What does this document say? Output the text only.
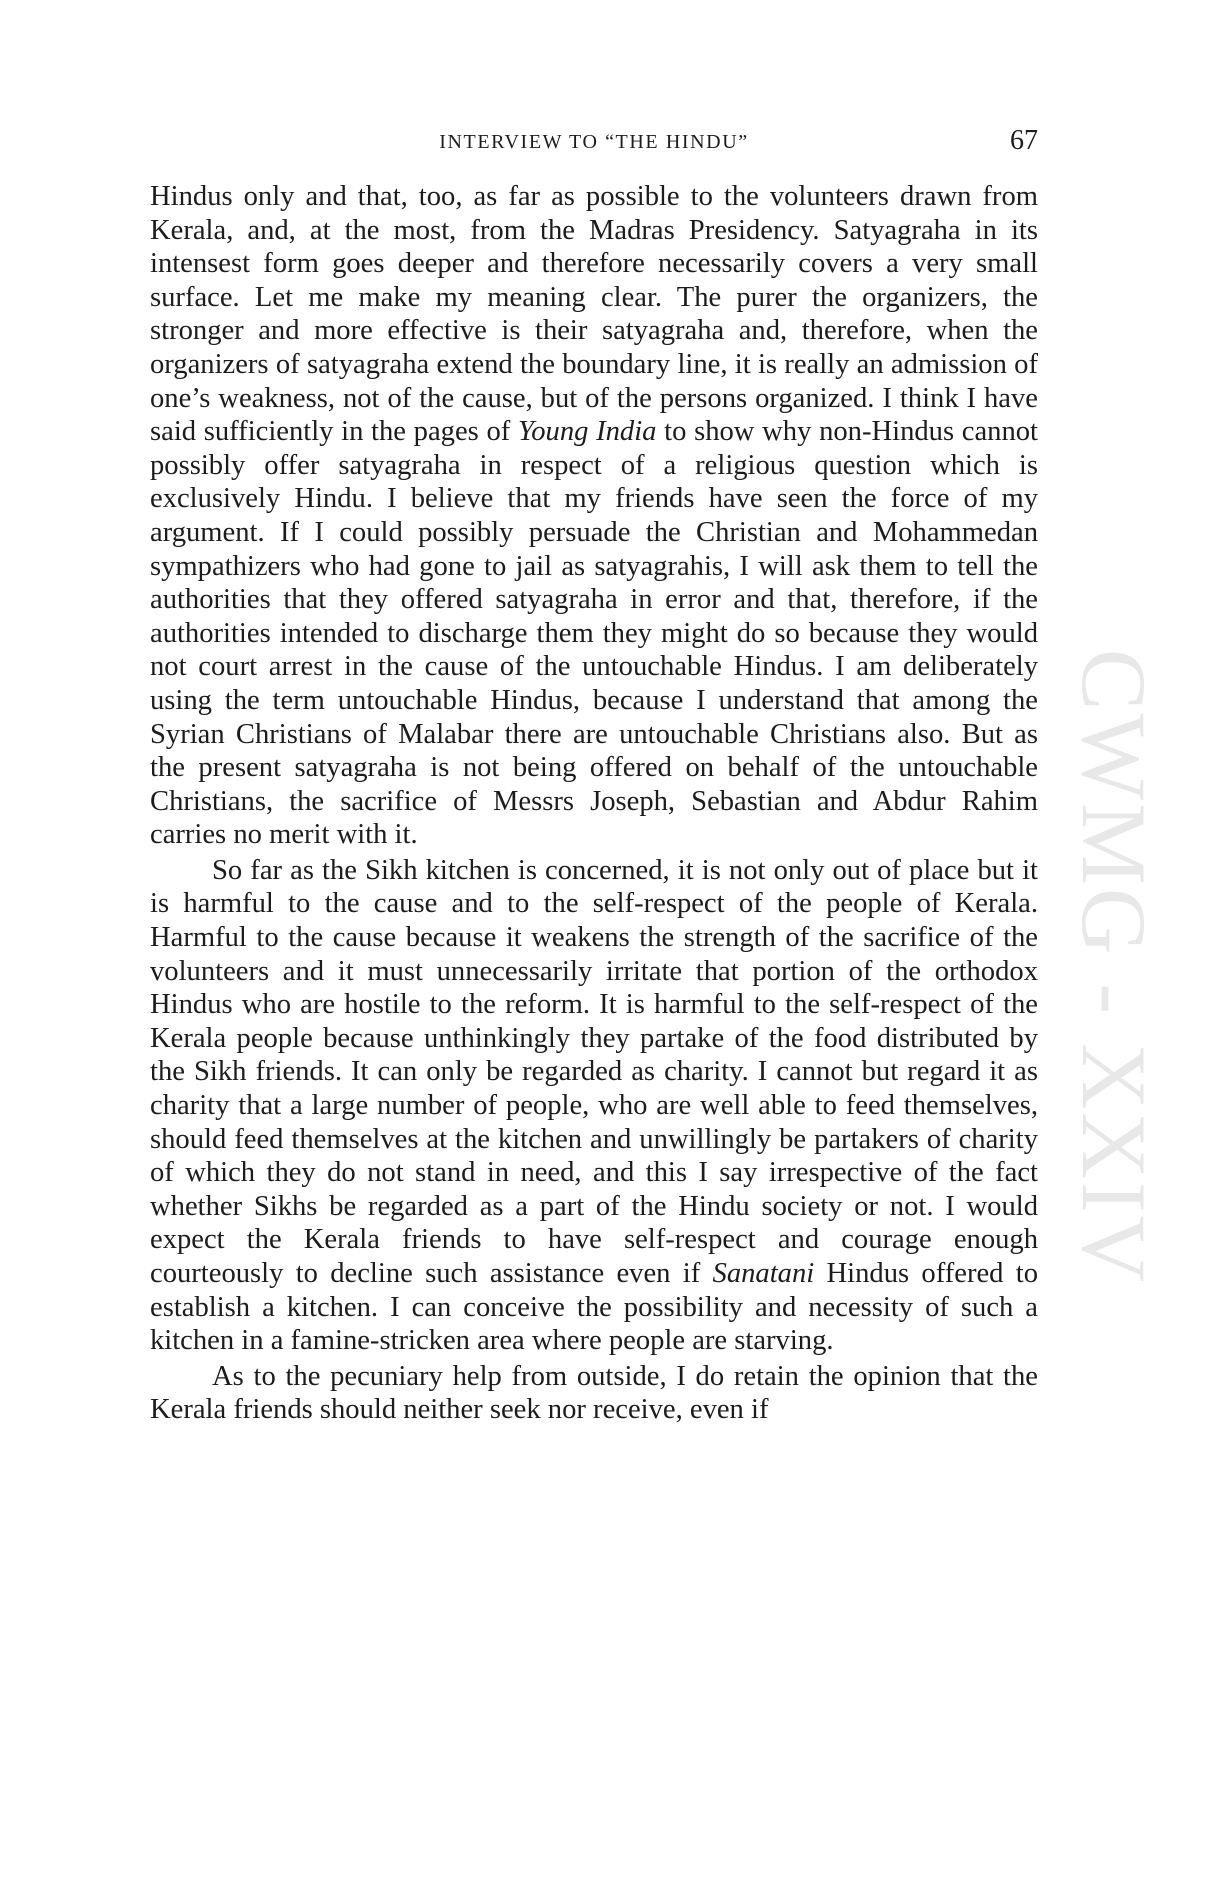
CWMG - XXIV
INTERVIEW TO “THE HINDU”	67

Hindus only and that, too, as far as possible to the volunteers drawn from Kerala, and, at the most, from the Madras Presidency. Satyagraha in its intensest form goes deeper and therefore necessarily covers a very small surface. Let me make my meaning clear. The purer the organizers, the stronger and more effective is their satyagraha and, therefore, when the organizers of satyagraha extend the boundary line, it is really an admission of one’s weakness, not of the cause, but of the persons organized. I think I have said sufficiently in the pages of Young India to show why non-Hindus cannot possibly offer satyagraha in respect of a religious question which is exclusively Hindu. I believe that my friends have seen the force of my argument. If I could possibly persuade the Christian and Mohammedan sympathizers who had gone to jail as satyagrahis, I will ask them to tell the authorities that they offered satyagraha in error and that, therefore, if the authorities intended to discharge them they might do so because they would not court arrest in the cause of the untouchable Hindus. I am deliberately using the term untouchable Hindus, because I understand that among the Syrian Christians of Malabar there are untouchable Christians also. But as the present satyagraha is not being offered on behalf of the untouchable Christians, the sacrifice of Messrs Joseph, Sebastian and Abdur Rahim carries no merit with it.

So far as the Sikh kitchen is concerned, it is not only out of place but it is harmful to the cause and to the self-respect of the people of Kerala. Harmful to the cause because it weakens the strength of the sacrifice of the volunteers and it must unnecessarily irritate that portion of the orthodox Hindus who are hostile to the reform. It is harmful to the self-respect of the Kerala people because unthinkingly they partake of the food distributed by the Sikh friends. It can only be regarded as charity. I cannot but regard it as charity that a large number of people, who are well able to feed themselves, should feed themselves at the kitchen and unwillingly be partakers of charity of which they do not stand in need, and this I say irrespective of the fact whether Sikhs be regarded as a part of the Hindu society or not. I would expect the Kerala friends to have self-respect and courage enough courteously to decline such assistance even if Sanatani Hindus offered to establish a kitchen. I can conceive the possibility and necessity of such a kitchen in a famine-stricken area where people are starving.

As to the pecuniary help from outside, I do retain the opinion that the Kerala friends should neither seek nor receive, even if
